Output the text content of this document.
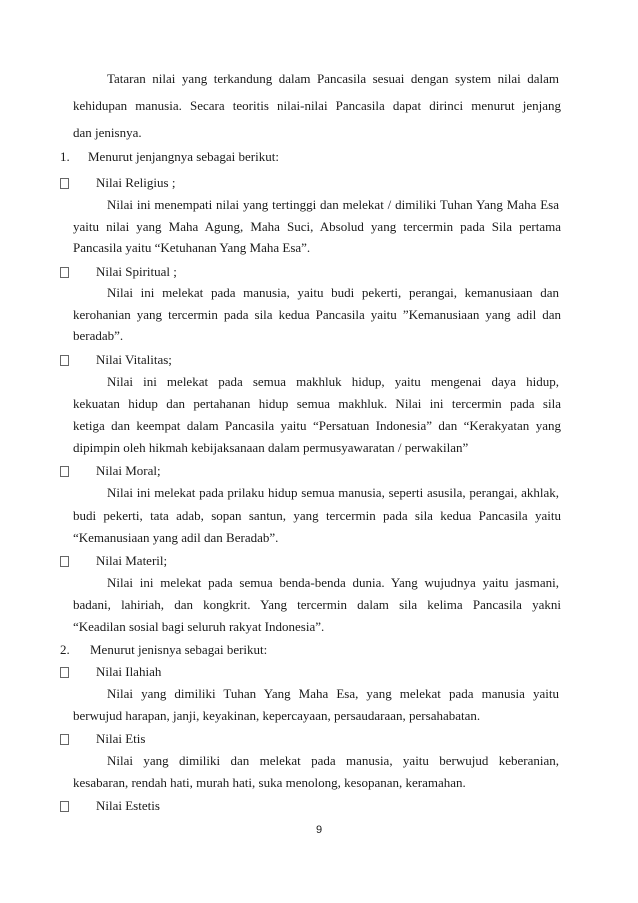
Tataran nilai yang terkandung dalam Pancasila sesuai dengan system nilai dalam
kehidupan manusia. Secara teoritis nilai-nilai Pancasila dapat dirinci menurut jenjang
dan jenisnya.
1. Menurut jenjangnya sebagai berikut:
Nilai Religius ;
Nilai ini menempati nilai yang tertinggi dan melekat / dimiliki Tuhan Yang Maha Esa
yaitu nilai yang Maha Agung, Maha Suci, Absolud yang tercermin pada Sila pertama
Pancasila yaitu “Ketuhanan Yang Maha Esa”.
Nilai Spiritual ;
Nilai ini melekat pada manusia, yaitu budi pekerti, perangai, kemanusiaan dan
kerohanian yang tercermin pada sila kedua Pancasila yaitu ”Kemanusiaan yang adil dan
beradab”.
Nilai Vitalitas;
Nilai ini melekat pada semua makhluk hidup, yaitu mengenai daya hidup,
kekuatan hidup dan pertahanan hidup semua makhluk. Nilai ini tercermin pada sila
ketiga dan keempat dalam Pancasila yaitu “Persatuan Indonesia” dan “Kerakyatan yang
dipimpin oleh hikmah kebijaksanaan dalam permusyawaratan / perwakilan”
Nilai Moral;
Nilai ini melekat pada prilaku hidup semua manusia, seperti asusila, perangai, akhlak,
budi pekerti, tata adab, sopan santun, yang tercermin pada sila kedua Pancasila yaitu
“Kemanusiaan yang adil dan Beradab”.
Nilai Materil;
Nilai ini melekat pada semua benda-benda dunia. Yang wujudnya yaitu jasmani,
badani, lahiriah, dan kongkrit. Yang tercermin dalam sila kelima Pancasila yakni
“Keadilan sosial bagi seluruh rakyat Indonesia”.
2. Menurut jenisnya sebagai berikut:
Nilai Ilahiah
Nilai yang dimiliki Tuhan Yang Maha Esa, yang melekat pada manusia yaitu
berwujud harapan, janji, keyakinan, kepercayaan, persaudaraan, persahabatan.
Nilai Etis
Nilai yang dimiliki dan melekat pada manusia, yaitu berwujud keberanian,
kesabaran, rendah hati, murah hati, suka menolong, kesopanan, keramahan.
Nilai Estetis
9
